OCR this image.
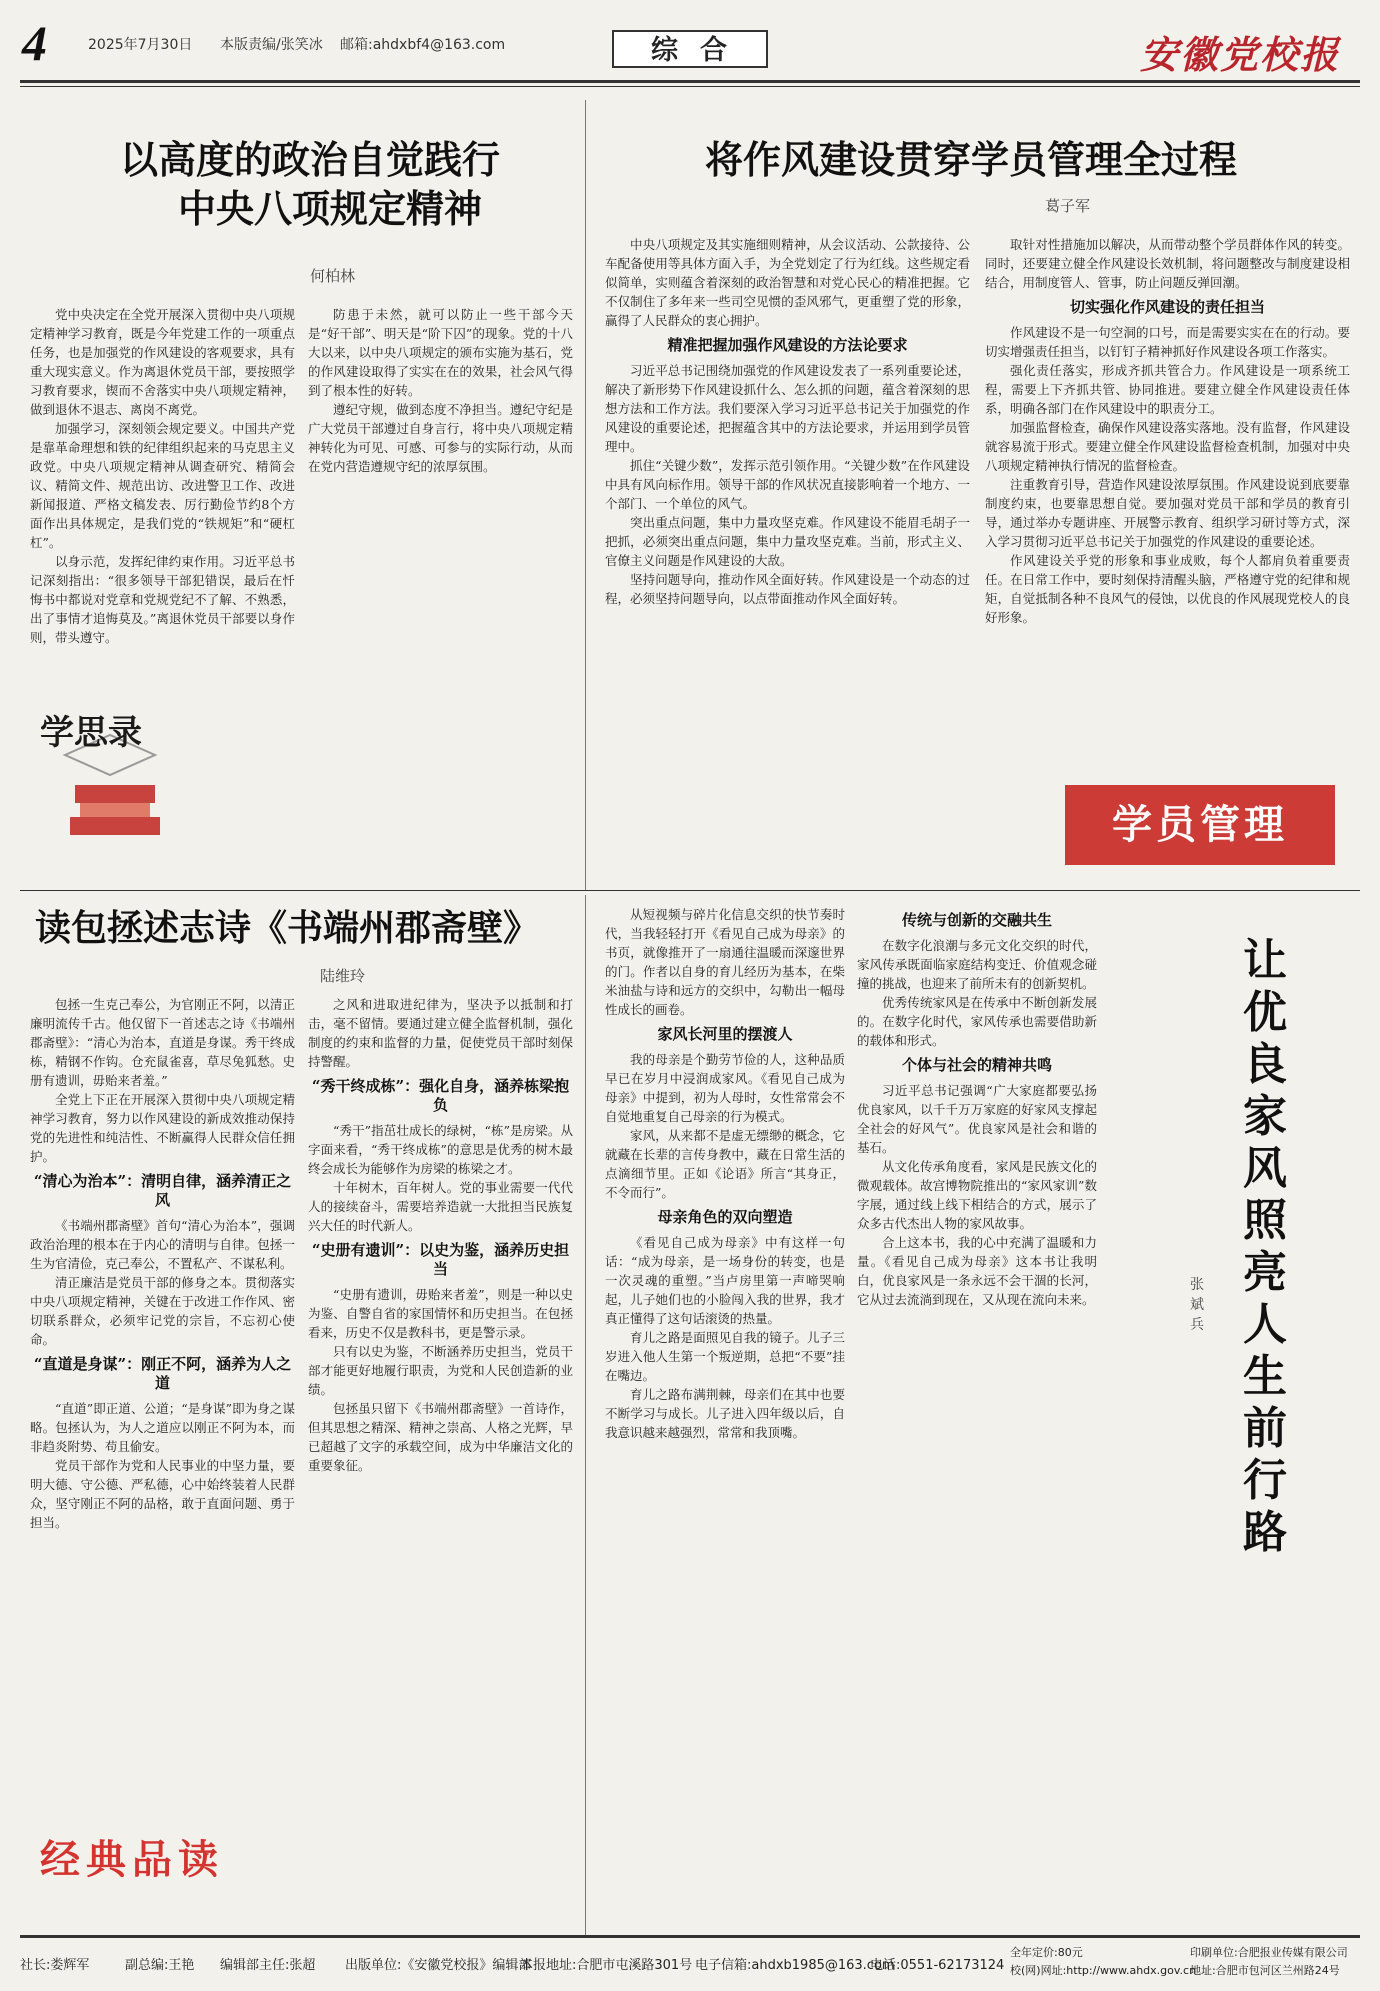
4	2025年7月30日 本版责编/张笑冰 邮箱:ahdxbf4@163.com	综合	安徽党校报
以高度的政治自觉践行
中央八项规定精神
何柏林

党中央决定在全党开展深入贯彻中央八项规定精神学习教育，既是今年党建工作的一项重点任务，也是加强党的作风建设的客观要求，具有重大现实意义。作为离退休党员干部，要按照学习教育要求，锲而不舍落实中央八项规定精神，做到退休不退志、离岗不离党。

加强学习，深刻领会规定要义。中国共产党是靠革命理想和铁的纪律组织起来的马克思主义政党。中央八项规定精神从调查研究、精简会议、精简文件、规范出访、改进警卫工作、改进新闻报道、严格文稿发表、厉行勤俭节约8个方面作出具体规定，是我们党的“铁规矩”和“硬杠杠”。

以身示范，发挥纪律约束作用。习近平总书记深刻指出：“很多领导干部犯错误，最后在忏悔书中都说对党章和党规党纪不了解、不熟悉，出了事情才追悔莫及。”离退休党员干部要以身作则，带头遵守。

防患于未然，就可以防止一些干部今天是“好干部”、明天是“阶下囚”的现象。党的十八大以来，以中央八项规定的颁布实施为基石，党的作风建设取得了实实在在的效果，社会风气得到了根本性的好转。

遵纪守规，做到态度不净担当。遵纪守纪是广大党员干部遵过自身言行，将中央八项规定精神转化为可见、可感、可参与的实际行动，从而在党内营造遵规守纪的浓厚氛围。

学思录
将作风建设贯穿学员管理全过程
葛子军

中央八项规定及其实施细则精神，从会议活动、公款接待、公车配备使用等具体方面入手，为全党划定了行为红线。这些规定看似简单，实则蕴含着深刻的政治智慧和对党心民心的精准把握。它不仅制住了多年来一些司空见惯的歪风邪气，更重塑了党的形象，赢得了人民群众的衷心拥护。

精准把握加强作风建设的方法论要求

习近平总书记围绕加强党的作风建设发表了一系列重要论述，解决了新形势下作风建设抓什么、怎么抓的问题，蕴含着深刻的思想方法和工作方法。我们要深入学习习近平总书记关于加强党的作风建设的重要论述，把握蕴含其中的方法论要求，并运用到学员管理中。

抓住“关键少数”，发挥示范引领作用。“关键少数”在作风建设中具有风向标作用。领导干部的作风状况直接影响着一个地方、一个部门、一个单位的风气。

突出重点问题，集中力量攻坚克难。作风建设不能眉毛胡子一把抓，必须突出重点问题，集中力量攻坚克难。当前，形式主义、官僚主义问题是作风建设的大敌。

坚持问题导向，推动作风全面好转。作风建设是一个动态的过程，必须坚持问题导向，以点带面推动作风全面好转。

取针对性措施加以解决，从而带动整个学员群体作风的转变。同时，还要建立健全作风建设长效机制，将问题整改与制度建设相结合，用制度管人、管事，防止问题反弹回潮。

切实强化作风建设的责任担当

作风建设不是一句空洞的口号，而是需要实实在在的行动。要切实增强责任担当，以钉钉子精神抓好作风建设各项工作落实。

强化责任落实，形成齐抓共管合力。作风建设是一项系统工程，需要上下齐抓共管、协同推进。要建立健全作风建设责任体系，明确各部门在作风建设中的职责分工。

加强监督检查，确保作风建设落实落地。没有监督，作风建设就容易流于形式。要建立健全作风建设监督检查机制，加强对中央八项规定精神执行情况的监督检查。

注重教育引导，营造作风建设浓厚氛围。作风建设说到底要靠制度约束，也要靠思想自觉。要加强对党员干部和学员的教育引导，通过举办专题讲座、开展警示教育、组织学习研讨等方式，深入学习贯彻习近平总书记关于加强党的作风建设的重要论述。

作风建设关乎党的形象和事业成败，每个人都肩负着重要责任。在日常工作中，要时刻保持清醒头脑，严格遵守党的纪律和规矩，自觉抵制各种不良风气的侵蚀，以优良的作风展现党校人的良好形象。

学员管理
读包拯述志诗《书端州郡斋壁》
陆维玲

包拯一生克己奉公，为官刚正不阿，以清正廉明流传千古。他仅留下一首述志之诗《书端州郡斋壁》：“清心为治本，直道是身谋。秀干终成栋，精钢不作钩。仓充鼠雀喜，草尽兔狐愁。史册有遗训，毋贻来者羞。”

全党上下正在开展深入贯彻中央八项规定精神学习教育，努力以作风建设的新成效推动保持党的先进性和纯洁性、不断赢得人民群众信任拥护。

“清心为治本”：清明自律，涵养清正之风

《书端州郡斋壁》首句“清心为治本”，强调政治治理的根本在于内心的清明与自律。包拯一生为官清俭，克己奉公，不置私产、不谋私利。

清正廉洁是党员干部的修身之本。贯彻落实中央八项规定精神，关键在于改进工作作风、密切联系群众，必须牢记党的宗旨，不忘初心使命。

“直道是身谋”：刚正不阿，涵养为人之道

“直道”即正道、公道；“是身谋”即为身之谋略。包拯认为，为人之道应以刚正不阿为本，而非趋炎附势、苟且偷安。

党员干部作为党和人民事业的中坚力量，要明大德、守公德、严私德，心中始终装着人民群众，坚守刚正不阿的品格，敢于直面问题、勇于担当。

之风和进取进纪律为，坚决予以抵制和打击，毫不留情。要通过建立健全监督机制，强化制度的约束和监督的力量，促使党员干部时刻保持警醒。

“秀干终成栋”：强化自身，涵养栋梁抱负

“秀干”指茁壮成长的绿树，“栋”是房梁。从字面来看，“秀干终成栋”的意思是优秀的树木最终会成长为能够作为房梁的栋梁之才。

十年树木，百年树人。党的事业需要一代代人的接续奋斗，需要培养造就一大批担当民族复兴大任的时代新人。

“史册有遗训”：以史为鉴，涵养历史担当

“史册有遗训，毋贻来者羞”，则是一种以史为鉴、自警自省的家国情怀和历史担当。在包拯看来，历史不仅是教科书，更是警示录。

只有以史为鉴，不断涵养历史担当，党员干部才能更好地履行职责，为党和人民创造新的业绩。

包拯虽只留下《书端州郡斋壁》一首诗作，但其思想之精深、精神之崇高、人格之光辉，早已超越了文字的承载空间，成为中华廉洁文化的重要象征。

经典品读

从短视频与碎片化信息交织的快节奏时代，当我轻轻打开《看见自己成为母亲》的书页，就像推开了一扇通往温暖而深邃世界的门。作者以自身的育儿经历为基本，在柴米油盐与诗和远方的交织中，勾勒出一幅母性成长的画卷。

家风长河里的摆渡人

我的母亲是个勤劳节俭的人，这种品质早已在岁月中浸润成家风。《看见自己成为母亲》中提到，初为人母时，女性常常会不自觉地重复自己母亲的行为模式。

家风，从来都不是虚无缥缈的概念，它就藏在长辈的言传身教中，藏在日常生活的点滴细节里。正如《论语》所言“其身正，不令而行”。

母亲角色的双向塑造

《看见自己成为母亲》中有这样一句话：“成为母亲，是一场身份的转变，也是一次灵魂的重塑。”当卢房里第一声啼哭响起，儿子她们也的小脸闯入我的世界，我才真正懂得了这句话滚烫的热量。

育儿之路是面照见自我的镜子。儿子三岁进入他人生第一个叛逆期，总把“不要”挂在嘴边。

育儿之路布满荆棘，母亲们在其中也要不断学习与成长。儿子进入四年级以后，自我意识越来越强烈，常常和我顶嘴。

传统与创新的交融共生

在数字化浪潮与多元文化交织的时代，家风传承既面临家庭结构变迁、价值观念碰撞的挑战，也迎来了前所未有的创新契机。

优秀传统家风是在传承中不断创新发展的。在数字化时代，家风传承也需要借助新的载体和形式。

个体与社会的精神共鸣

习近平总书记强调“广大家庭都要弘扬优良家风，以千千万万家庭的好家风支撑起全社会的好风气”。优良家风是社会和谐的基石。

从文化传承角度看，家风是民族文化的微观载体。故宫博物院推出的“家风家训”数字展，通过线上线下相结合的方式，展示了众多古代杰出人物的家风故事。

合上这本书，我的心中充满了温暖和力量。《看见自己成为母亲》这本书让我明白，优良家风是一条永远不会干涸的长河，它从过去流淌到现在，又从现在流向未来。

让优良家风照亮人生前行路
张斌兵
社长:娄辉军	副总编:王艳 编辑部主任:张超 出版单位:《安徽党校报》编辑部
本报地址:合肥市屯溪路301号 电子信箱:ahdxb1985@163.com
电话:0551-62173124
全年定价:80元
校(网)网址:http://www.ahdx.gov.cn
印刷单位:合肥报业传媒有限公司
地址:合肥市包河区兰州路24号
